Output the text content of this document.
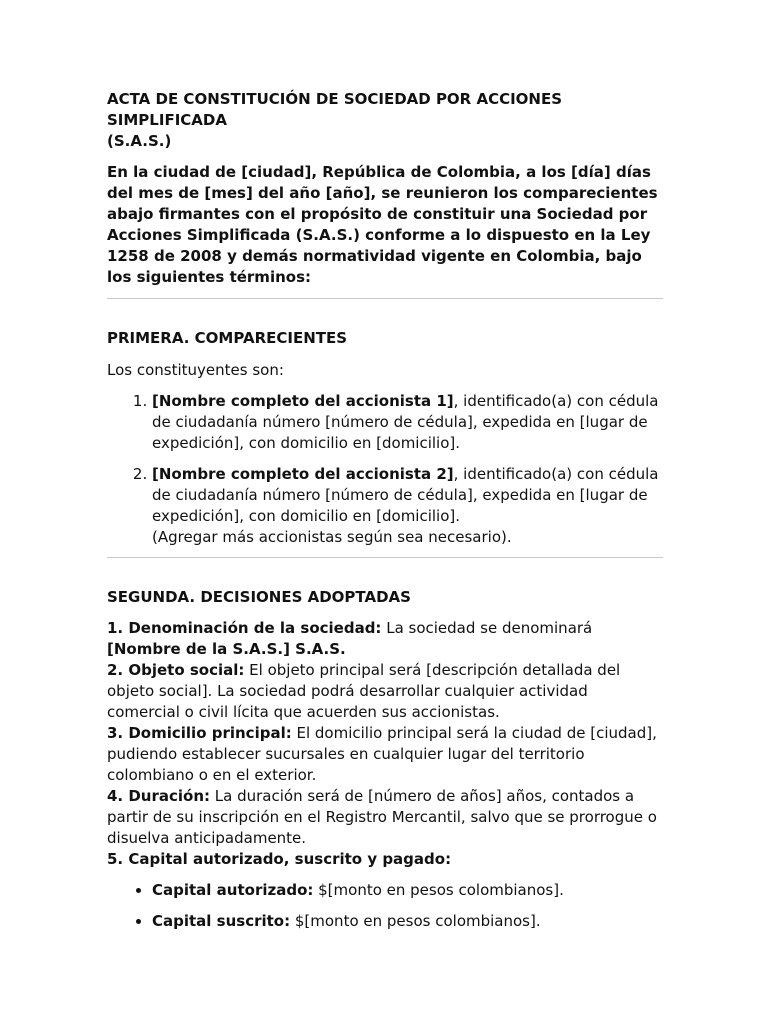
ACTA DE CONSTITUCIÓN DE SOCIEDAD POR ACCIONES SIMPLIFICADA
(S.A.S.)

En la ciudad de [ciudad], República de Colombia, a los [día] días del mes de [mes] del año [año], se reunieron los comparecientes abajo firmantes con el propósito de constituir una Sociedad por Acciones Simplificada (S.A.S.) conforme a lo dispuesto en la Ley 1258 de 2008 y demás normatividad vigente en Colombia, bajo los siguientes términos:

PRIMERA. COMPARECIENTES

Los constituyentes son:

1. [Nombre completo del accionista 1], identificado(a) con cédula de ciudadanía número [número de cédula], expedida en [lugar de expedición], con domicilio en [domicilio].
2. [Nombre completo del accionista 2], identificado(a) con cédula de ciudadanía número [número de cédula], expedida en [lugar de expedición], con domicilio en [domicilio].
(Agregar más accionistas según sea necesario).
SEGUNDA. DECISIONES ADOPTADAS
1. Denominación de la sociedad: La sociedad se denominará [Nombre de la S.A.S.] S.A.S.
2. Objeto social: El objeto principal será [descripción detallada del objeto social]. La sociedad podrá desarrollar cualquier actividad comercial o civil lícita que acuerden sus accionistas.
3. Domicilio principal: El domicilio principal será la ciudad de [ciudad], pudiendo establecer sucursales en cualquier lugar del territorio colombiano o en el exterior.
4. Duración: La duración será de [número de años] años, contados a partir de su inscripción en el Registro Mercantil, salvo que se prorrogue o disuelva anticipadamente.
5. Capital autorizado, suscrito y pagado:
• Capital autorizado: $[monto en pesos colombianos].
• Capital suscrito: $[monto en pesos colombianos].
